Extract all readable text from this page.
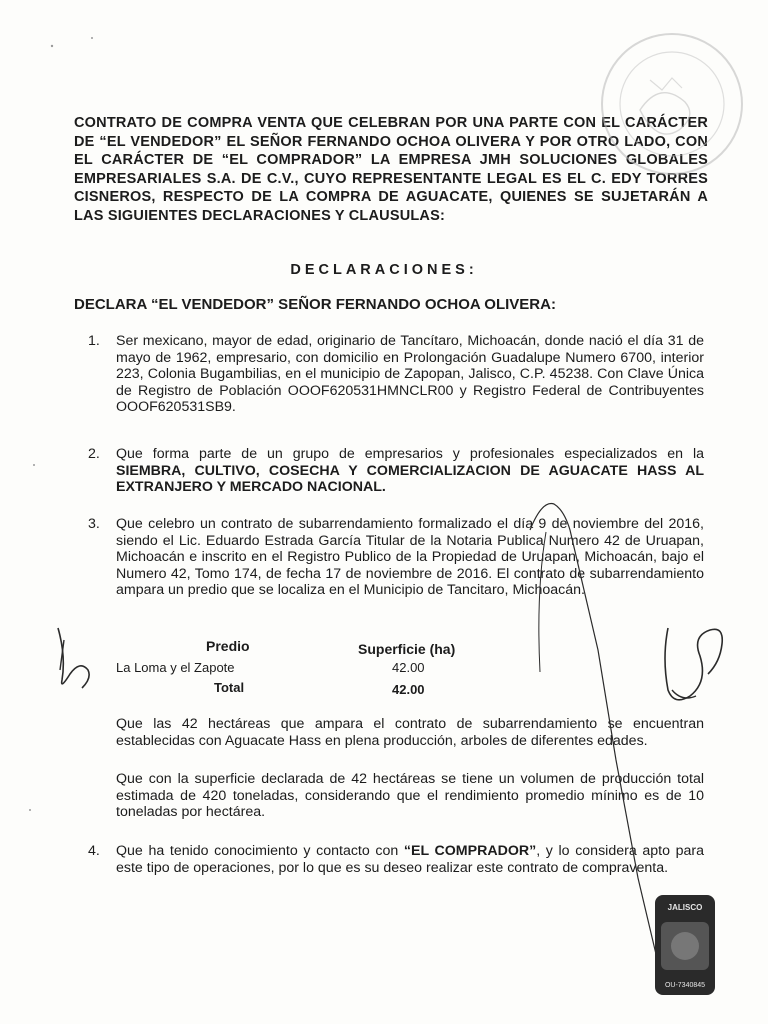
CONTRATO DE COMPRA VENTA QUE CELEBRAN POR UNA PARTE CON EL CARÁCTER DE “EL VENDEDOR” EL SEÑOR FERNANDO OCHOA OLIVERA Y POR OTRO LADO, CON EL CARÁCTER DE “EL COMPRADOR” LA EMPRESA JMH SOLUCIONES GLOBALES EMPRESARIALES S.A. DE C.V., CUYO REPRESENTANTE LEGAL ES EL C. EDY TORRES CISNEROS, RESPECTO DE LA COMPRA DE AGUACATE, QUIENES SE SUJETARÁN A LAS SIGUIENTES DECLARACIONES Y CLAUSULAS:
DECLARACIONES:
DECLARA “EL VENDEDOR” SEÑOR FERNANDO OCHOA OLIVERA:
1.	Ser mexicano, mayor de edad, originario de Tancítaro, Michoacán, donde nació el día 31 de mayo de 1962, empresario, con domicilio en Prolongación Guadalupe Numero 6700, interior 223, Colonia Bugambilias, en el municipio de Zapopan, Jalisco, C.P. 45238. Con Clave Única de Registro de Población OOOF620531HMNCLR00 y Registro Federal de Contribuyentes OOOF620531SB9.
2.	Que forma parte de un grupo de empresarios y profesionales especializados en la SIEMBRA, CULTIVO, COSECHA Y COMERCIALIZACION DE AGUACATE HASS AL EXTRANJERO Y MERCADO NACIONAL.
3.	Que celebro un contrato de subarrendamiento formalizado el día 9 de noviembre del 2016, siendo el Lic. Eduardo Estrada García Titular de la Notaria Publica Numero 42 de Uruapan, Michoacán e inscrito en el Registro Publico de la Propiedad de Uruapan, Michoacán, bajo el Numero 42, Tomo 174, de fecha 17 de noviembre de 2016. El contrato de subarrendamiento ampara un predio que se localiza en el Municipio de Tancitaro, Michoacán.
Predio	Superficie (ha)
La Loma y el Zapote	42.00
Total	42.00
Que las 42 hectáreas que ampara el contrato de subarrendamiento se encuentran establecidas con Aguacate Hass en plena producción, arboles de diferentes edades.
Que con la superficie declarada de 42 hectáreas se tiene un volumen de producción total estimada de 420 toneladas, considerando que el rendimiento promedio mínimo es de 10 toneladas por hectárea.
4.	Que ha tenido conocimiento y contacto con “EL COMPRADOR”, y lo considera apto para este tipo de operaciones, por lo que es su deseo realizar este contrato de compraventa.
JALISCO
OU-7340845
